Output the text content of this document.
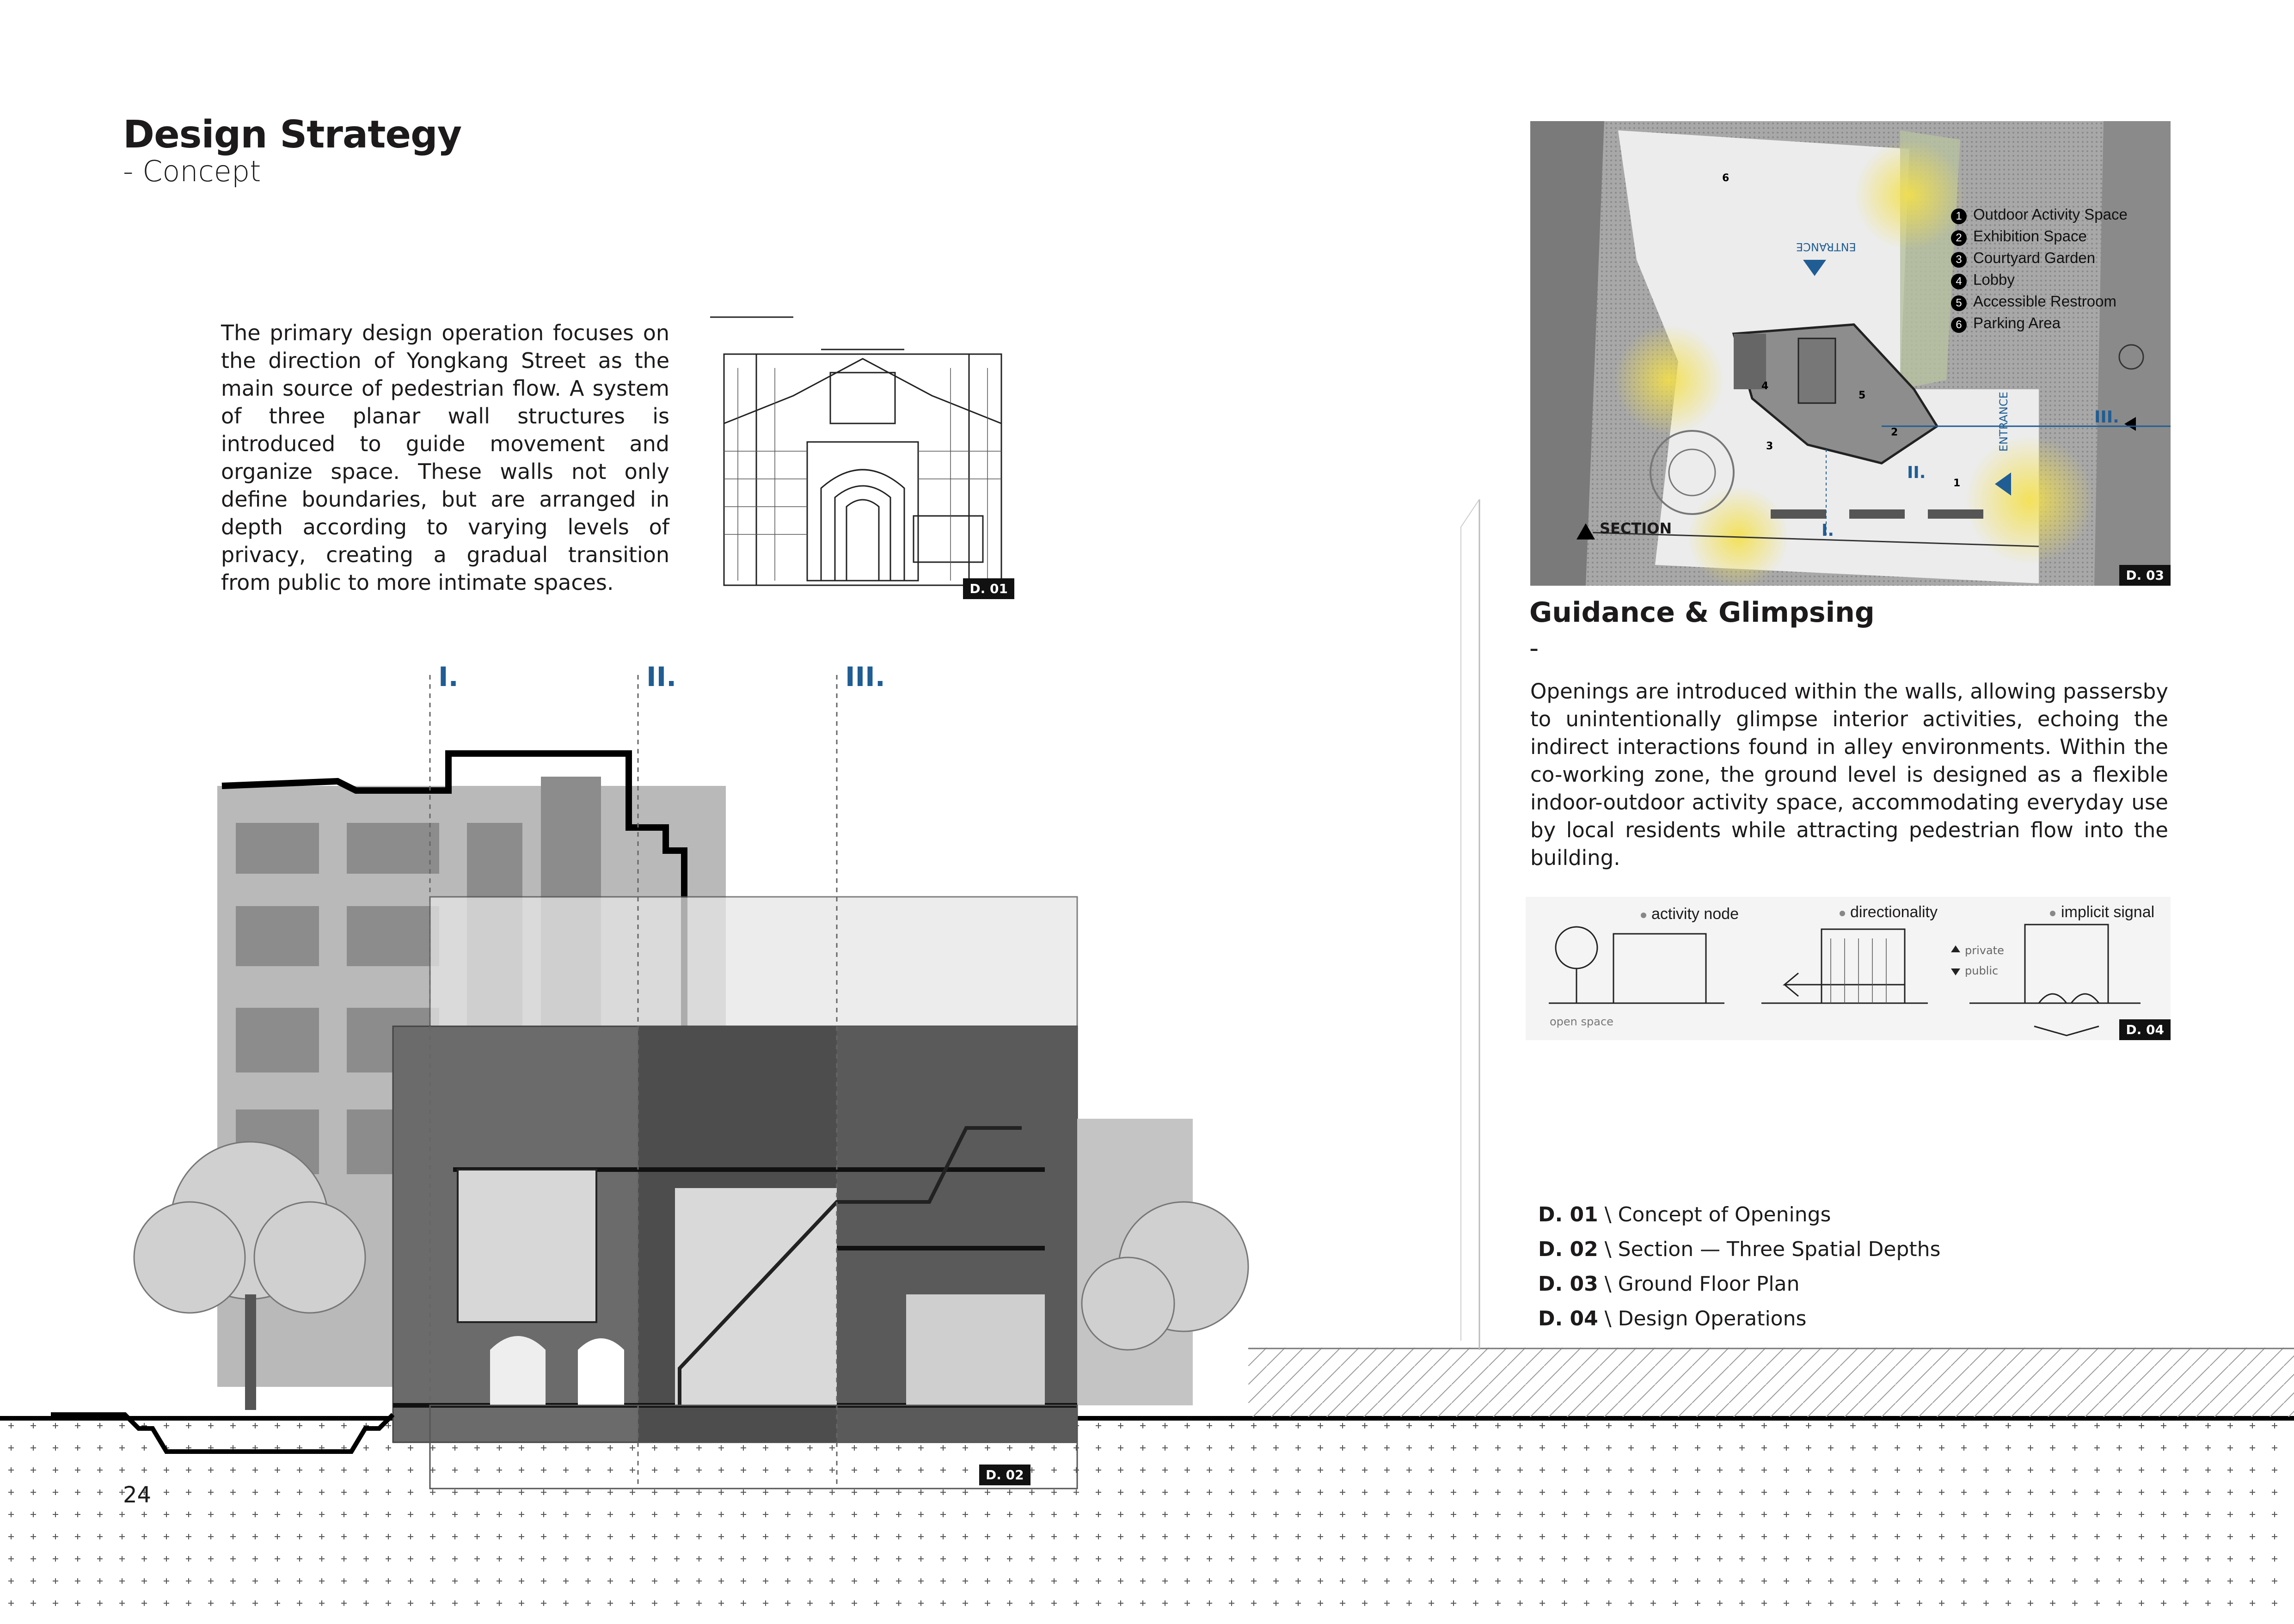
Design Strategy
- Concept
The primary design operation focuses on the direction of Yongkang Street as the main source of pedestrian flow. A system of three planar wall structures is introduced to guide movement and organize space. These walls not only define boundaries, but are arranged in depth according to varying levels of privacy, creating a gradual transition from public to more intimate spaces.	D. 01
I.	II.	III.
D. 02
6
4
5
2
3
1
1 Outdoor Activity Space
2 Exhibition Space
3 Courtyard Garden
4 Lobby
5 Accessible Restroom
6 Parking Area
ENTRANCE
ENTRANCE
SECTION	I.
II.
III.
D. 03
Guidance & Glimpsing
-
Openings are introduced within the walls, allowing passersby to unintentionally glimpse interior activities, echoing the indirect interactions found in alley environments. Within the co-working zone, the ground level is designed as a flexible indoor-outdoor activity space, accommodating everyday use by local residents while attracting pedestrian flow into the building.
activity node	directionality	implicit signal
private
public
open space
D. 04
D. 01 \ Concept of Openings
D. 02 \ Section — Three Spatial Depths
D. 03 \ Ground Floor Plan
D. 04 \ Design Operations
24
